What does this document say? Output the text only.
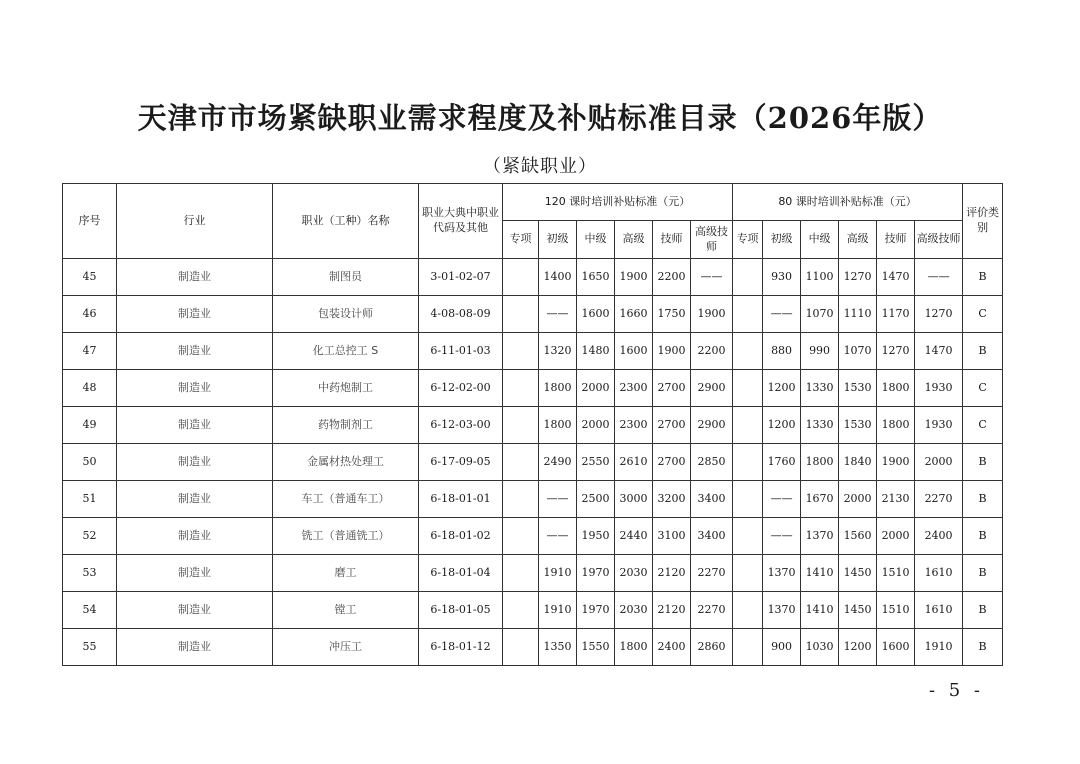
天津市市场紧缺职业需求程度及补贴标准目录（2026年版）
（紧缺职业）
序号	行业	职业（工种）名称	职业大典中职业代码及其他	120 课时培训补贴标准（元）						80 课时培训补贴标准（元）						评价类别
				专项	初级	中级	高级	技师	高级技师	专项	初级	中级	高级	技师	高级技师	
45	制造业	制图员	3-01-02-07		1400	1650	1900	2200	——		930	1100	1270	1470	——	B
46	制造业	包装设计师	4-08-08-09		——	1600	1660	1750	1900		——	1070	1110	1170	1270	C
47	制造业	化工总控工 S	6-11-01-03		1320	1480	1600	1900	2200		880	990	1070	1270	1470	B
48	制造业	中药炮制工	6-12-02-00		1800	2000	2300	2700	2900		1200	1330	1530	1800	1930	C
49	制造业	药物制剂工	6-12-03-00		1800	2000	2300	2700	2900		1200	1330	1530	1800	1930	C
50	制造业	金属材热处理工	6-17-09-05		2490	2550	2610	2700	2850		1760	1800	1840	1900	2000	B
51	制造业	车工（普通车工）	6-18-01-01		——	2500	3000	3200	3400		——	1670	2000	2130	2270	B
52	制造业	铣工（普通铣工）	6-18-01-02		——	1950	2440	3100	3400		——	1370	1560	2000	2400	B
53	制造业	磨工	6-18-01-04		1910	1970	2030	2120	2270		1370	1410	1450	1510	1610	B
54	制造业	镗工	6-18-01-05		1910	1970	2030	2120	2270		1370	1410	1450	1510	1610	B
55	制造业	冲压工	6-18-01-12		1350	1550	1800	2400	2860		900	1030	1200	1600	1910	B
- 5 -
